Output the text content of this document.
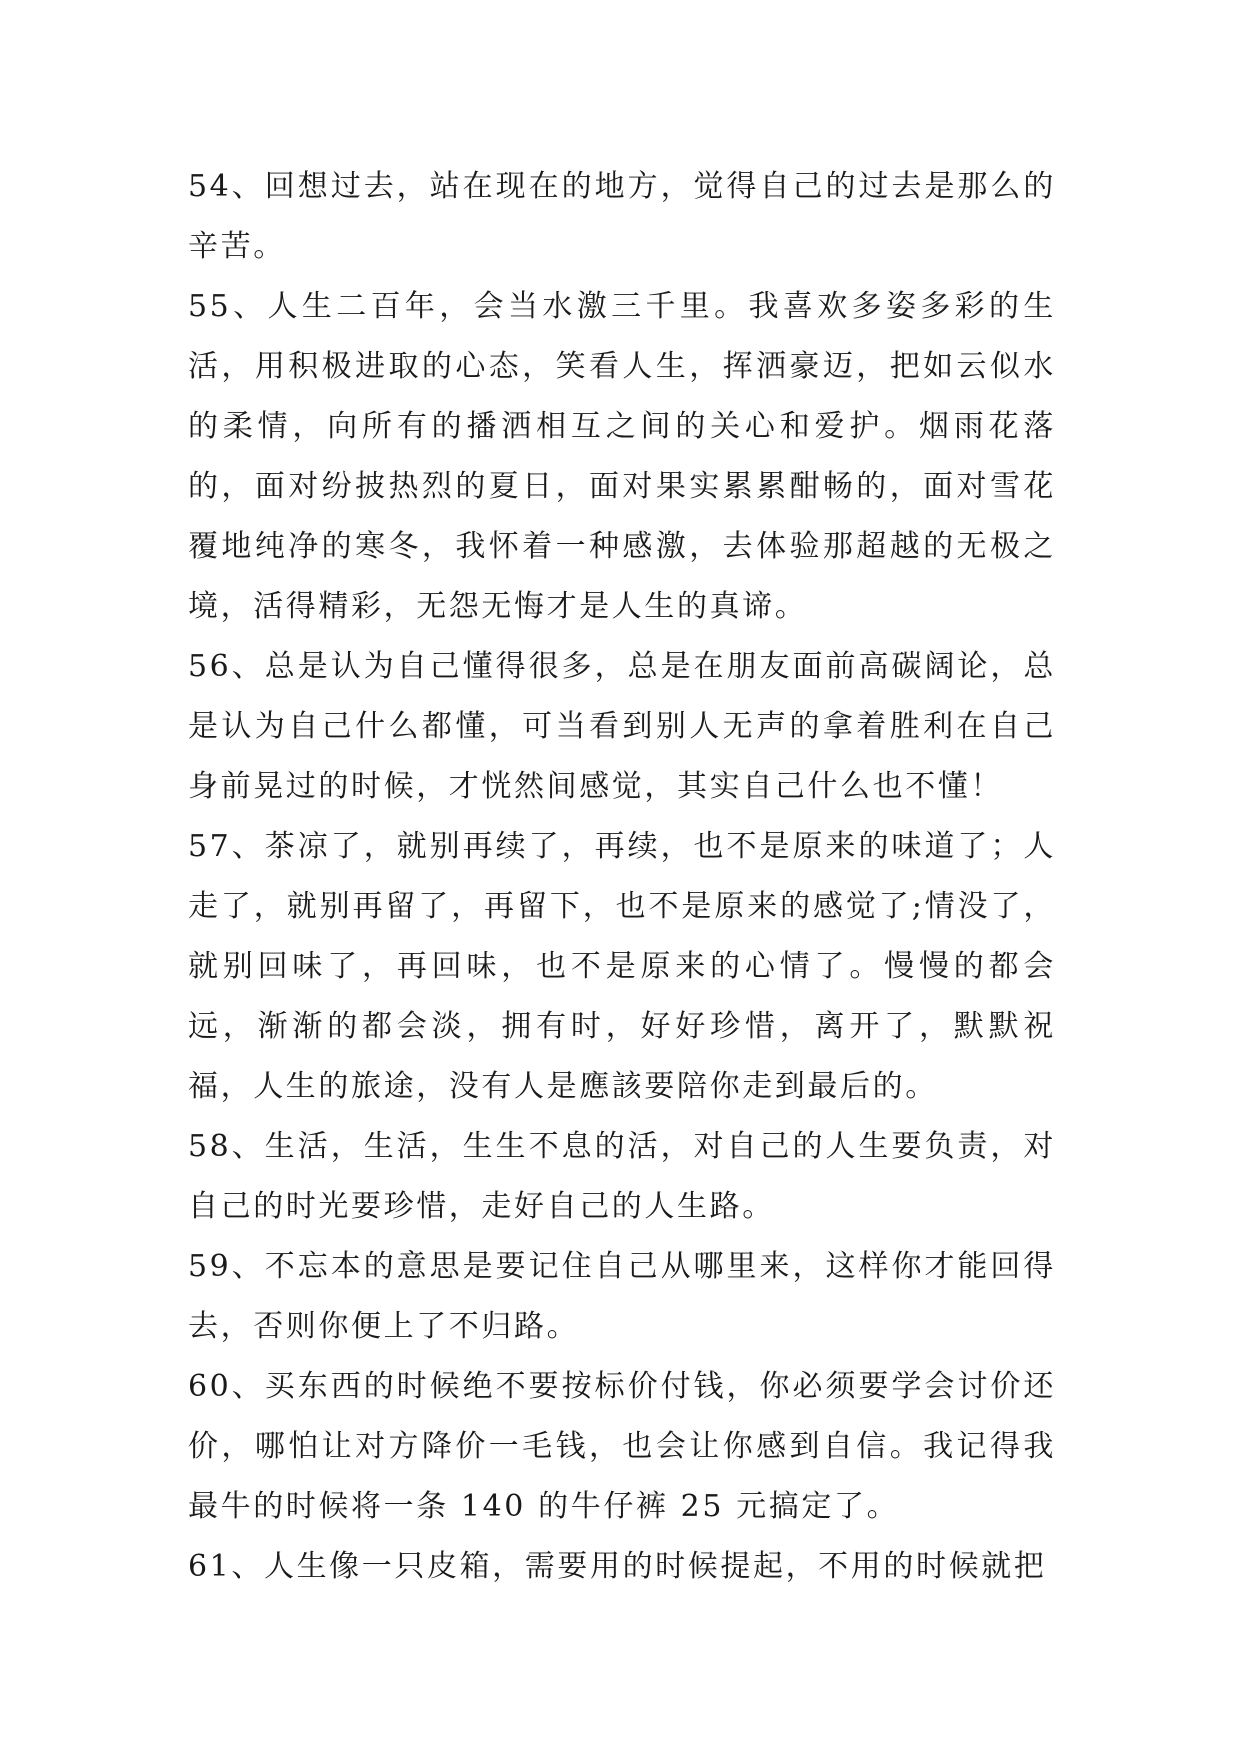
54、回想过去，站在现在的地方，觉得自己的过去是那么的辛苦。

55、人生二百年，会当水激三千里。我喜欢多姿多彩的生活，用积极进取的心态，笑看人生，挥洒豪迈，把如云似水的柔情，向所有的播洒相互之间的关心和爱护。烟雨花落的，面对纷披热烈的夏日，面对果实累累酣畅的，面对雪花覆地纯净的寒冬，我怀着一种感激，去体验那超越的无极之境，活得精彩，无怨无悔才是人生的真谛。

56、总是认为自己懂得很多，总是在朋友面前高碳阔论，总是认为自己什么都懂，可当看到别人无声的拿着胜利在自己身前晃过的时候，才恍然间感觉，其实自己什么也不懂！

57、茶凉了，就别再续了，再续，也不是原来的味道了；人走了，就别再留了，再留下，也不是原来的感觉了;情没了，就别回味了，再回味，也不是原来的心情了。慢慢的都会远，渐渐的都会淡，拥有时，好好珍惜，离开了，默默祝福，人生的旅途，没有人是應該要陪你走到最后的。

58、生活，生活，生生不息的活，对自己的人生要负责，对自己的时光要珍惜，走好自己的人生路。

59、不忘本的意思是要记住自己从哪里来，这样你才能回得去，否则你便上了不归路。

60、买东西的时候绝不要按标价付钱，你必须要学会讨价还价，哪怕让对方降价一毛钱，也会让你感到自信。我记得我最牛的时候将一条 140 的牛仔裤 25 元搞定了。

61、人生像一只皮箱，需要用的时候提起，不用的时候就把
